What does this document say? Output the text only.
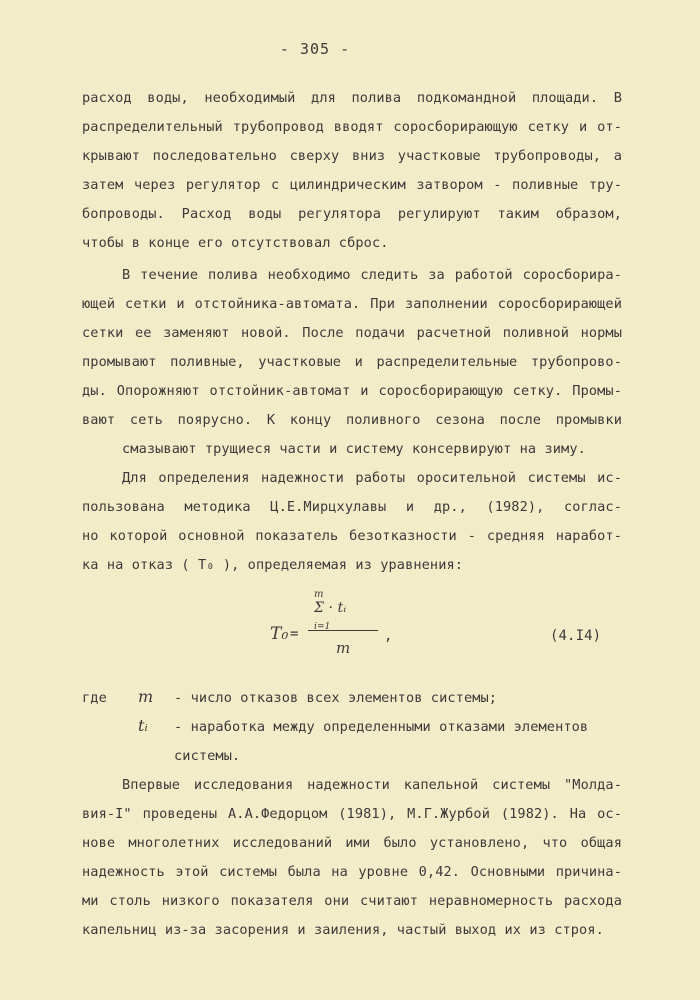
- 305 -
расход воды, необходимый для полива подкомандной площади. В
распределительный трубопровод вводят соросборирающую сетку и от-
крывают последовательно сверху вниз участковые трубопроводы, а
затем через регулятор с цилиндрическим затвором - поливные тру-
бопроводы. Расход воды регулятора регулируют таким образом,
чтобы в конце его отсутствовал сброс.
В течение полива необходимо следить за работой соросборира-
ющей сетки и отстойника-автомата. При заполнении соросборирающей
сетки ее заменяют новой. После подачи расчетной поливной нормы
промывают поливные, участковые и распределительные трубопрово-
ды. Опорожняют отстойник-автомат и соросборирающую сетку. Промы-
вают сеть поярусно. К концу поливного сезона после промывки
смазывают трущиеся части и систему консервируют на зиму.
Для определения надежности работы оросительной системы ис-
пользована методика Ц.Е.Мирцхулавы и др., (1982), соглас-
но которой основной показатель безотказности - средняя наработ-
ка на отказ ( T₀ ), определяемая из уравнения:
T₀ =
m
Σ · tᵢ
i=1
m
,	(4.I4)
где m - число отказов всех элементов системы;
tᵢ - наработка между определенными отказами элементов системы.
Впервые исследования надежности капельной системы "Молда-
вия-I" проведены А.А.Федорцом (1981), М.Г.Журбой (1982). На ос-
нове многолетних исследований ими было установлено, что общая
надежность этой системы была на уровне 0,42. Основными причина-
ми столь низкого показателя они считают неравномерность расхода
капельниц из-за засорения и заиления, частый выход их из строя.
